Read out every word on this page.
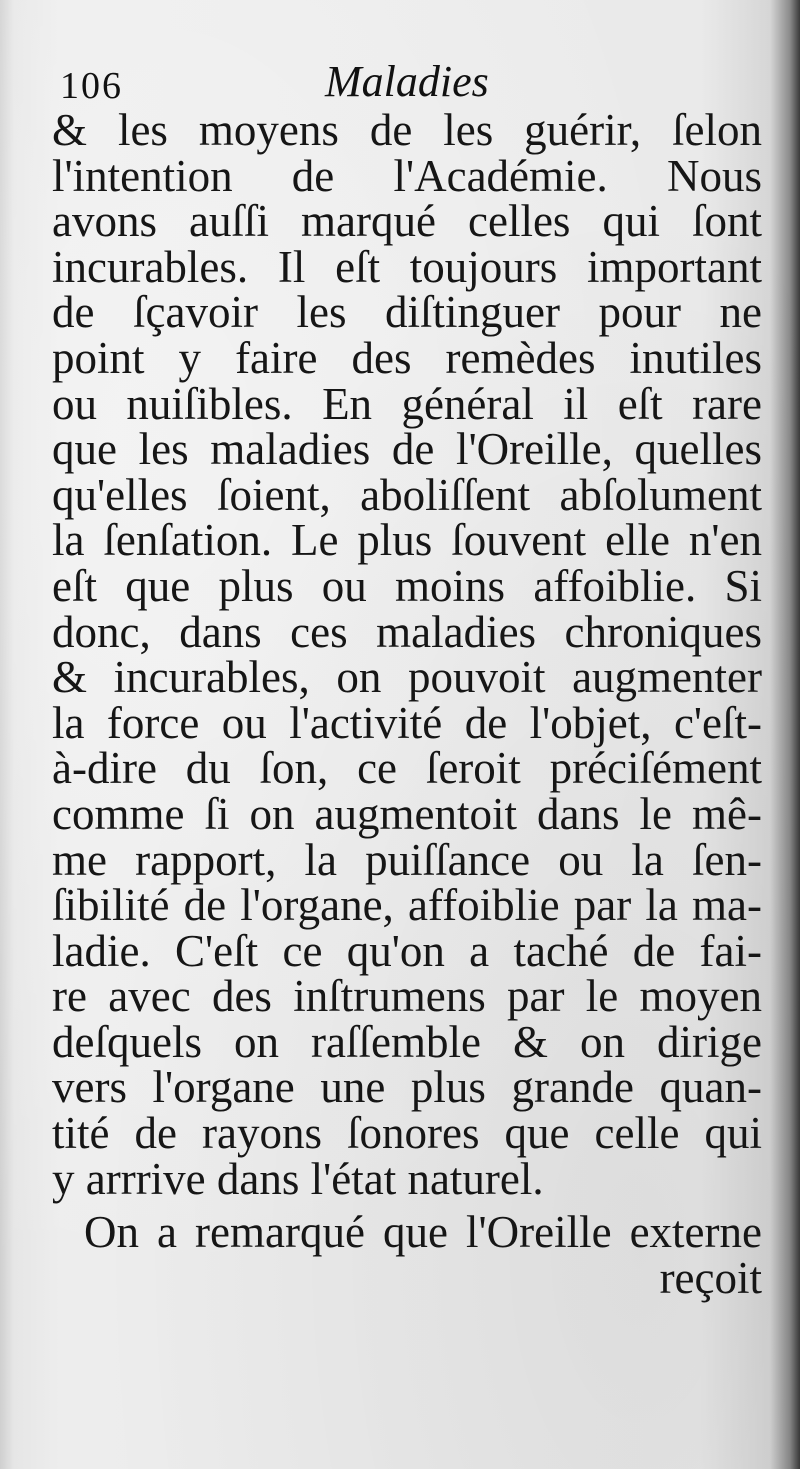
106	Maladies
& les moyens de les guérir, ſelon
l'intention de l'Académie. Nous
avons auſſi marqué celles qui ſont
incurables. Il eſt toujours important
de ſçavoir les diſtinguer pour ne
point y faire des remèdes inutiles
ou nuiſibles. En général il eſt rare
que les maladies de l'Oreille, quelles
qu'elles ſoient, aboliſſent abſolument
la ſenſation. Le plus ſouvent elle n'en
eſt que plus ou moins affoiblie. Si
donc, dans ces maladies chroniques
& incurables, on pouvoit augmenter
la force ou l'activité de l'objet, c'eſt-
à-dire du ſon, ce ſeroit préciſément
comme ſi on augmentoit dans le mê-
me rapport, la puiſſance ou la ſen-
ſibilité de l'organe, affoiblie par la ma-
ladie. C'eſt ce qu'on a taché de fai-
re avec des inſtrumens par le moyen
deſquels on raſſemble & on dirige
vers l'organe une plus grande quan-
tité de rayons ſonores que celle qui
y arrrive dans l'état naturel.
On a remarqué que l'Oreille externe
reçoit
